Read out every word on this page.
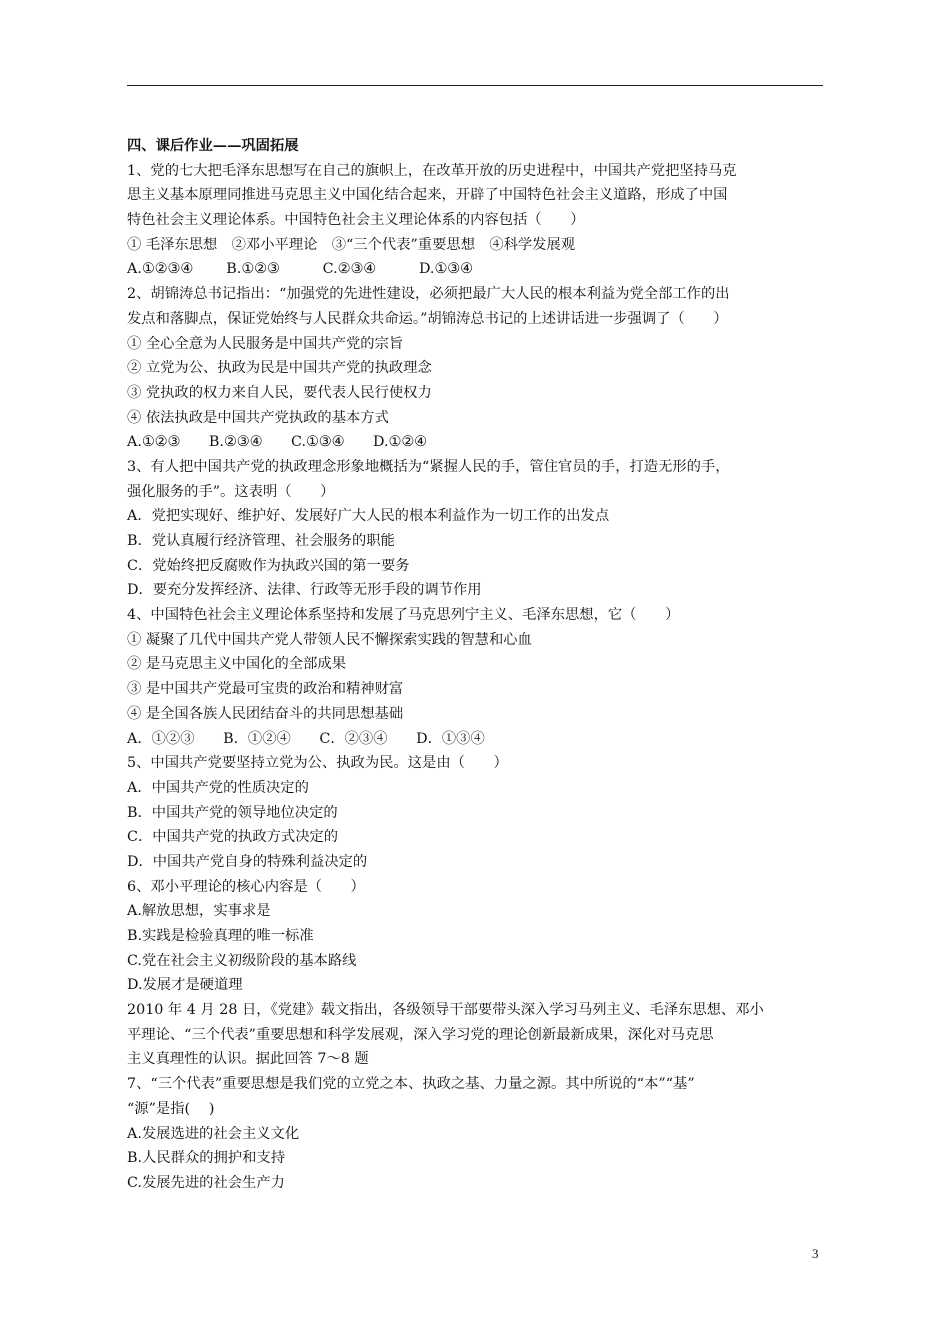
四、课后作业——巩固拓展
1、党的七大把毛泽东思想写在自己的旗帜上，在改革开放的历史进程中，中国共产党把坚持马克
思主义基本原理同推进马克思主义中国化结合起来，开辟了中国特色社会主义道路，形成了中国
特色社会主义理论体系。中国特色社会主义理论体系的内容包括（　　）
① 毛泽东思想　②邓小平理论　③“三个代表”重要思想　④科学发展观
A.①②③④　　 B.①②③　　　C.②③④　　　D.①③④
2、胡锦涛总书记指出：“加强党的先进性建设，必须把最广大人民的根本利益为党全部工作的出
发点和落脚点，保证党始终与人民群众共命运。”胡锦涛总书记的上述讲话进一步强调了（　　）
① 全心全意为人民服务是中国共产党的宗旨
② 立党为公、执政为民是中国共产党的执政理念
③ 党执政的权力来自人民，要代表人民行使权力
④ 依法执政是中国共产党执政的基本方式
A.①②③　　B.②③④　　C.①③④　　D.①②④
3、有人把中国共产党的执政理念形象地概括为“紧握人民的手，管住官员的手，打造无形的手，
强化服务的手”。这表明（　　）
A．党把实现好、维护好、发展好广大人民的根本利益作为一切工作的出发点
B．党认真履行经济管理、社会服务的职能
C．党始终把反腐败作为执政兴国的第一要务
D．要充分发挥经济、法律、行政等无形手段的调节作用
4、中国特色社会主义理论体系坚持和发展了马克思列宁主义、毛泽东思想，它（　　）
① 凝聚了几代中国共产党人带领人民不懈探索实践的智慧和心血
② 是马克思主义中国化的全部成果
③ 是中国共产党最可宝贵的政治和精神财富
④ 是全国各族人民团结奋斗的共同思想基础
A．①②③　　B．①②④　　C．②③④　　D．①③④
5、中国共产党要坚持立党为公、执政为民。这是由（　　）
A．中国共产党的性质决定的
B．中国共产党的领导地位决定的
C．中国共产党的执政方式决定的
D．中国共产党自身的特殊利益决定的
6、邓小平理论的核心内容是（　　）
A.解放思想，实事求是
B.实践是检验真理的唯一标准
C.党在社会主义初级阶段的基本路线
D.发展才是硬道理
2010 年 4 月 28 日，《党建》载文指出，各级领导干部要带头深入学习马列主义、毛泽东思想、邓小
平理论、“三个代表”重要思想和科学发展观，深入学习党的理论创新最新成果，深化对马克思
主义真理性的认识。据此回答 7～8 题
7、“三个代表”重要思想是我们党的立党之本、执政之基、力量之源。其中所说的“本”“基”
“源”是指(　 )
A.发展选进的社会主义文化
B.人民群众的拥护和支持
C.发展先进的社会生产力
3
